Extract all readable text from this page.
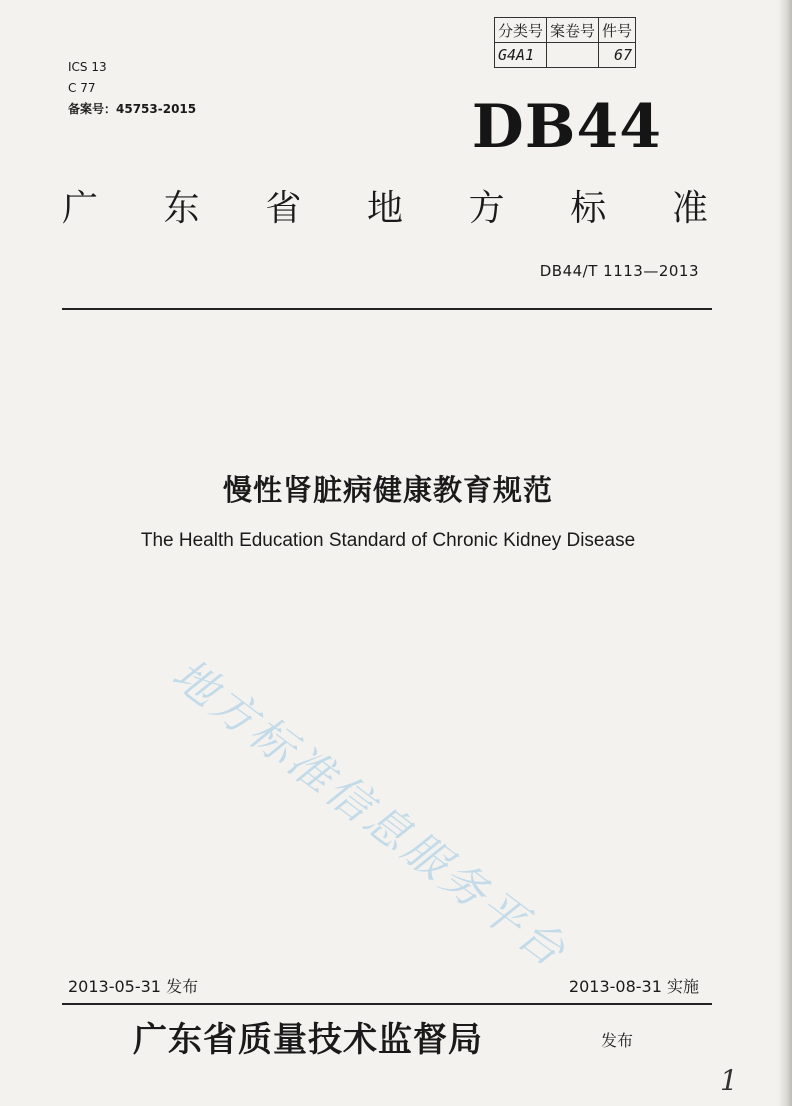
分类号	案卷号	件号
G4A1		67
ICS 13
C 77
备案号：45753-2015	DB44
广 东 省 地 方 标 准
DB44/T 1113—2013
慢性肾脏病健康教育规范
The Health Education Standard of Chronic Kidney Disease
地方标准信息服务平台
2013-05-31 发布	2013-08-31 实施
广东省质量技术监督局	发布
1
